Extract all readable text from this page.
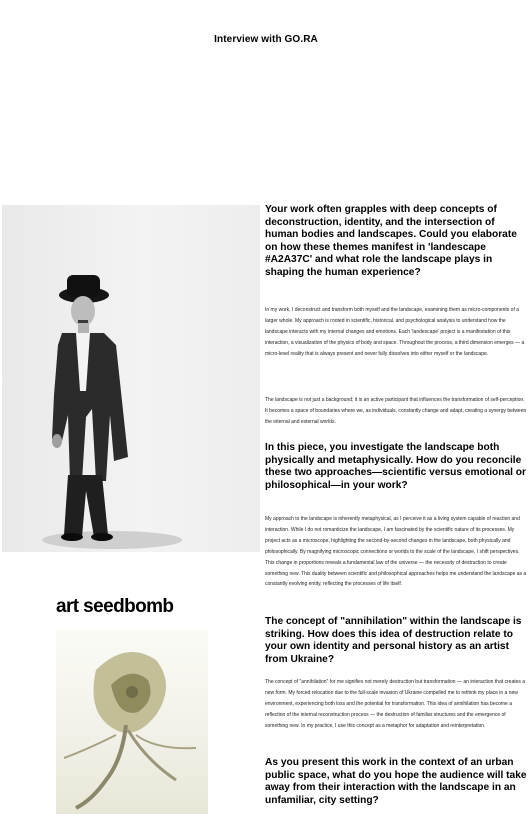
Interview with GO.RA

Your work often grapples with deep concepts of deconstruction, identity, and the intersection of human bodies and landscapes. Could you elaborate on how these themes manifest in 'landescape #A2A37C' and what role the landscape plays in shaping the human experience?

In my work, I deconstruct and transform both myself and the landscape, examining them as micro-components of a larger whole. My approach is rooted in scientific, historical, and psychological analysis to understand how the landscape interacts with my internal changes and emotions. Each 'landescape' project is a manifestation of this interaction, a visualization of the physics of body and space. Throughout the process, a third dimension emerges — a micro-level reality that is always present and never fully dissolves into either myself or the landscape.

The landscape is not just a background; it is an active participant that influences the transformation of self-perception. It becomes a space of boundaries where we, as individuals, constantly change and adapt, creating a synergy between the internal and external worlds.

In this piece, you investigate the landscape both physically and metaphysically. How do you reconcile these two approaches—scientific versus emotional or philosophical—in your work?

My approach to the landscape is inherently metaphysical, as I perceive it as a living system capable of reaction and interaction. While I do not romanticize the landscape, I am fascinated by the scientific nature of its processes. My project acts as a microscope, highlighting the second-by-second changes in the landscape, both physically and philosophically. By magnifying microscopic connections or worlds to the scale of the landscape, I shift perspectives. This change in proportions reveals a fundamental law of the universe — the necessity of destruction to create something new. This duality between scientific and philosophical approaches helps me understand the landscape as a constantly evolving entity, reflecting the processes of life itself.

The concept of "annihilation" within the landscape is striking. How does this idea of destruction relate to your own identity and personal history as an artist from Ukraine?

The concept of "annihilation" for me signifies not merely destruction but transformation — an interaction that creates a new form. My forced relocation due to the full-scale invasion of Ukraine compelled me to rethink my place in a new environment, experiencing both loss and the potential for transformation. This idea of annihilation has become a reflection of the internal reconstruction process — the destruction of familiar structures and the emergence of something new. In my practice, I use this concept as a metaphor for adaptation and reinterpretation.

As you present this work in the context of an urban public space, what do you hope the audience will take away from their interaction with the landscape in an unfamiliar, city setting?

art seedbomb
